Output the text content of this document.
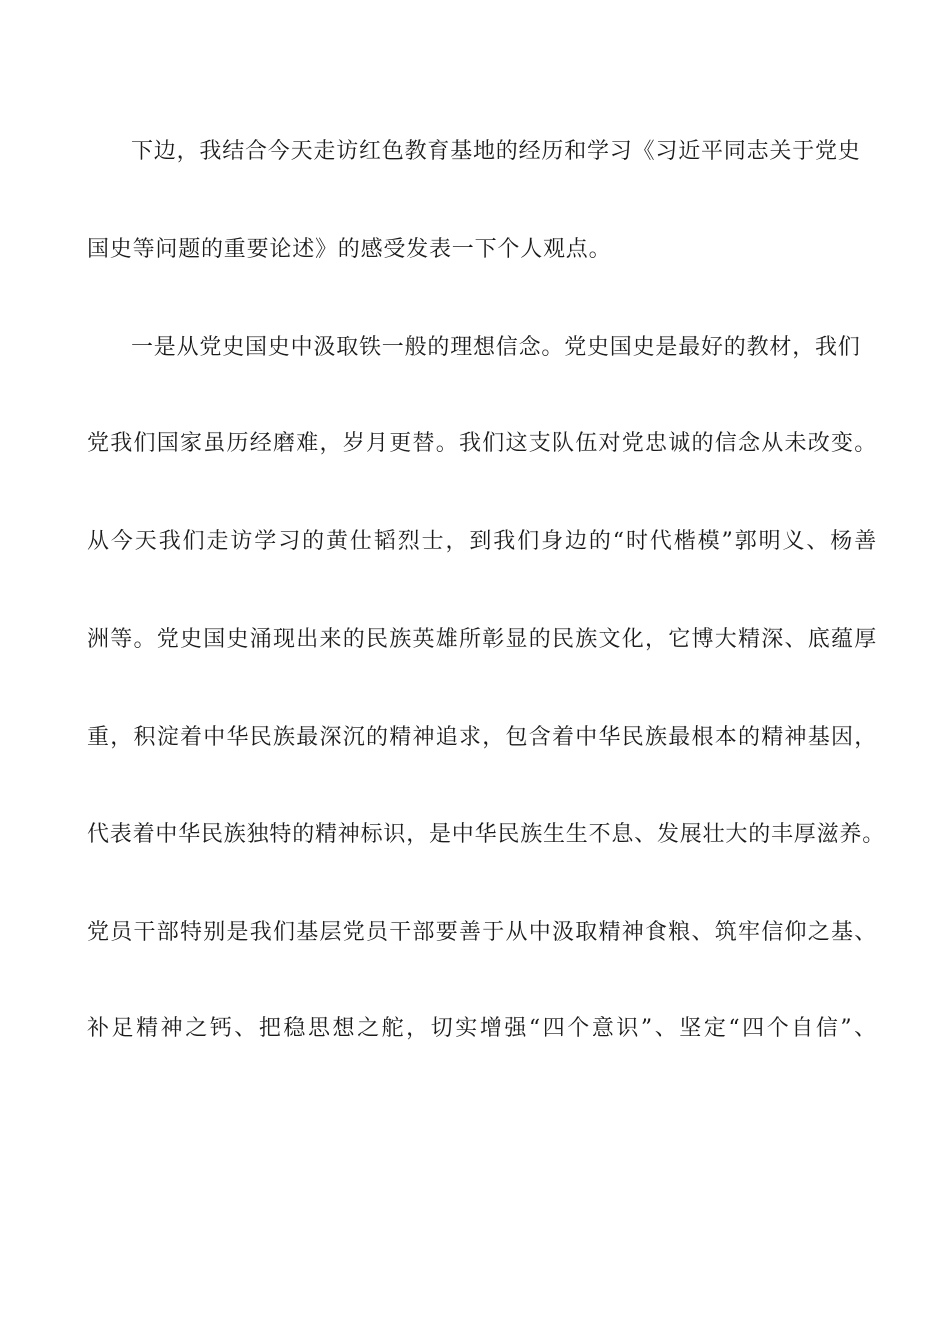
下边，我结合今天走访红色教育基地的经历和学习《习近平同志关于党史
国史等问题的重要论述》的感受发表一下个人观点。
一是从党史国史中汲取铁一般的理想信念。党史国史是最好的教材，我们
党我们国家虽历经磨难，岁月更替。我们这支队伍对党忠诚的信念从未改变。
从今天我们走访学习的黄仕韬烈士，到我们身边的“时代楷模”郭明义、杨善
洲等。党史国史涌现出来的民族英雄所彰显的民族文化，它博大精深、底蕴厚
重，积淀着中华民族最深沉的精神追求，包含着中华民族最根本的精神基因，
代表着中华民族独特的精神标识，是中华民族生生不息、发展壮大的丰厚滋养。
党员干部特别是我们基层党员干部要善于从中汲取精神食粮、筑牢信仰之基、
补足精神之钙、把稳思想之舵，切实增强“四个意识”、坚定“四个自信”、
